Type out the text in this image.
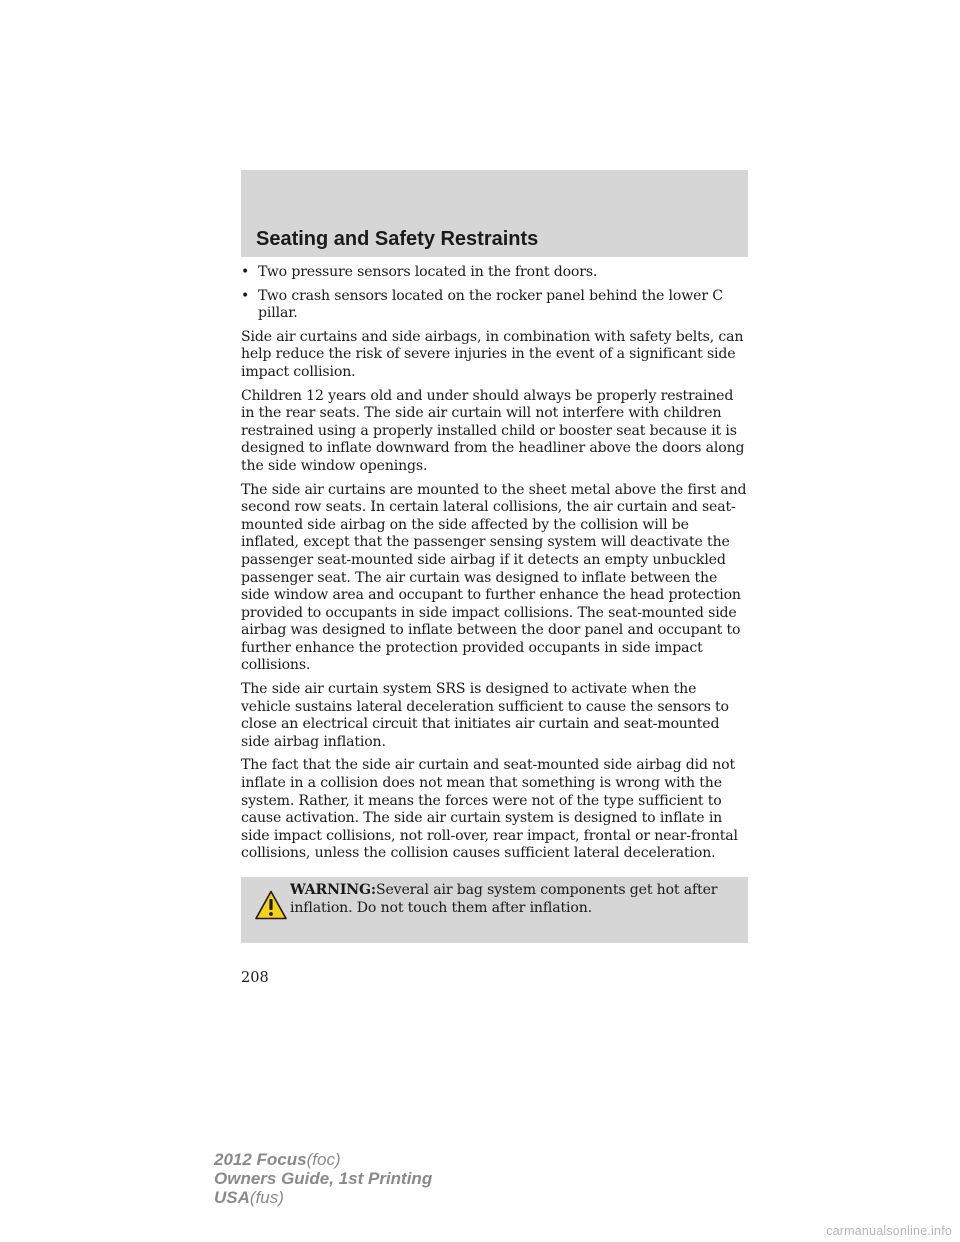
Seating and Safety Restraints
• Two pressure sensors located in the front doors.
• Two crash sensors located on the rocker panel behind the lower C pillar.

Side air curtains and side airbags, in combination with safety belts, can help reduce the risk of severe injuries in the event of a significant side impact collision.

Children 12 years old and under should always be properly restrained in the rear seats. The side air curtain will not interfere with children restrained using a properly installed child or booster seat because it is designed to inflate downward from the headliner above the doors along the side window openings.

The side air curtains are mounted to the sheet metal above the first and second row seats. In certain lateral collisions, the air curtain and seat-mounted side airbag on the side affected by the collision will be inflated, except that the passenger sensing system will deactivate the passenger seat-mounted side airbag if it detects an empty unbuckled passenger seat. The air curtain was designed to inflate between the side window area and occupant to further enhance the head protection provided to occupants in side impact collisions. The seat-mounted side airbag was designed to inflate between the door panel and occupant to further enhance the protection provided occupants in side impact collisions.

The side air curtain system SRS is designed to activate when the vehicle sustains lateral deceleration sufficient to cause the sensors to close an electrical circuit that initiates air curtain and seat-mounted side airbag inflation.

The fact that the side air curtain and seat-mounted side airbag did not inflate in a collision does not mean that something is wrong with the system. Rather, it means the forces were not of the type sufficient to cause activation. The side air curtain system is designed to inflate in side impact collisions, not roll-over, rear impact, frontal or near-frontal collisions, unless the collision causes sufficient lateral deceleration.

WARNING:Several air bag system components get hot after inflation. Do not touch them after inflation.
208
2012 Focus(foc)
Owners Guide, 1st Printing
USA(fus)
carmanualsonline.info
